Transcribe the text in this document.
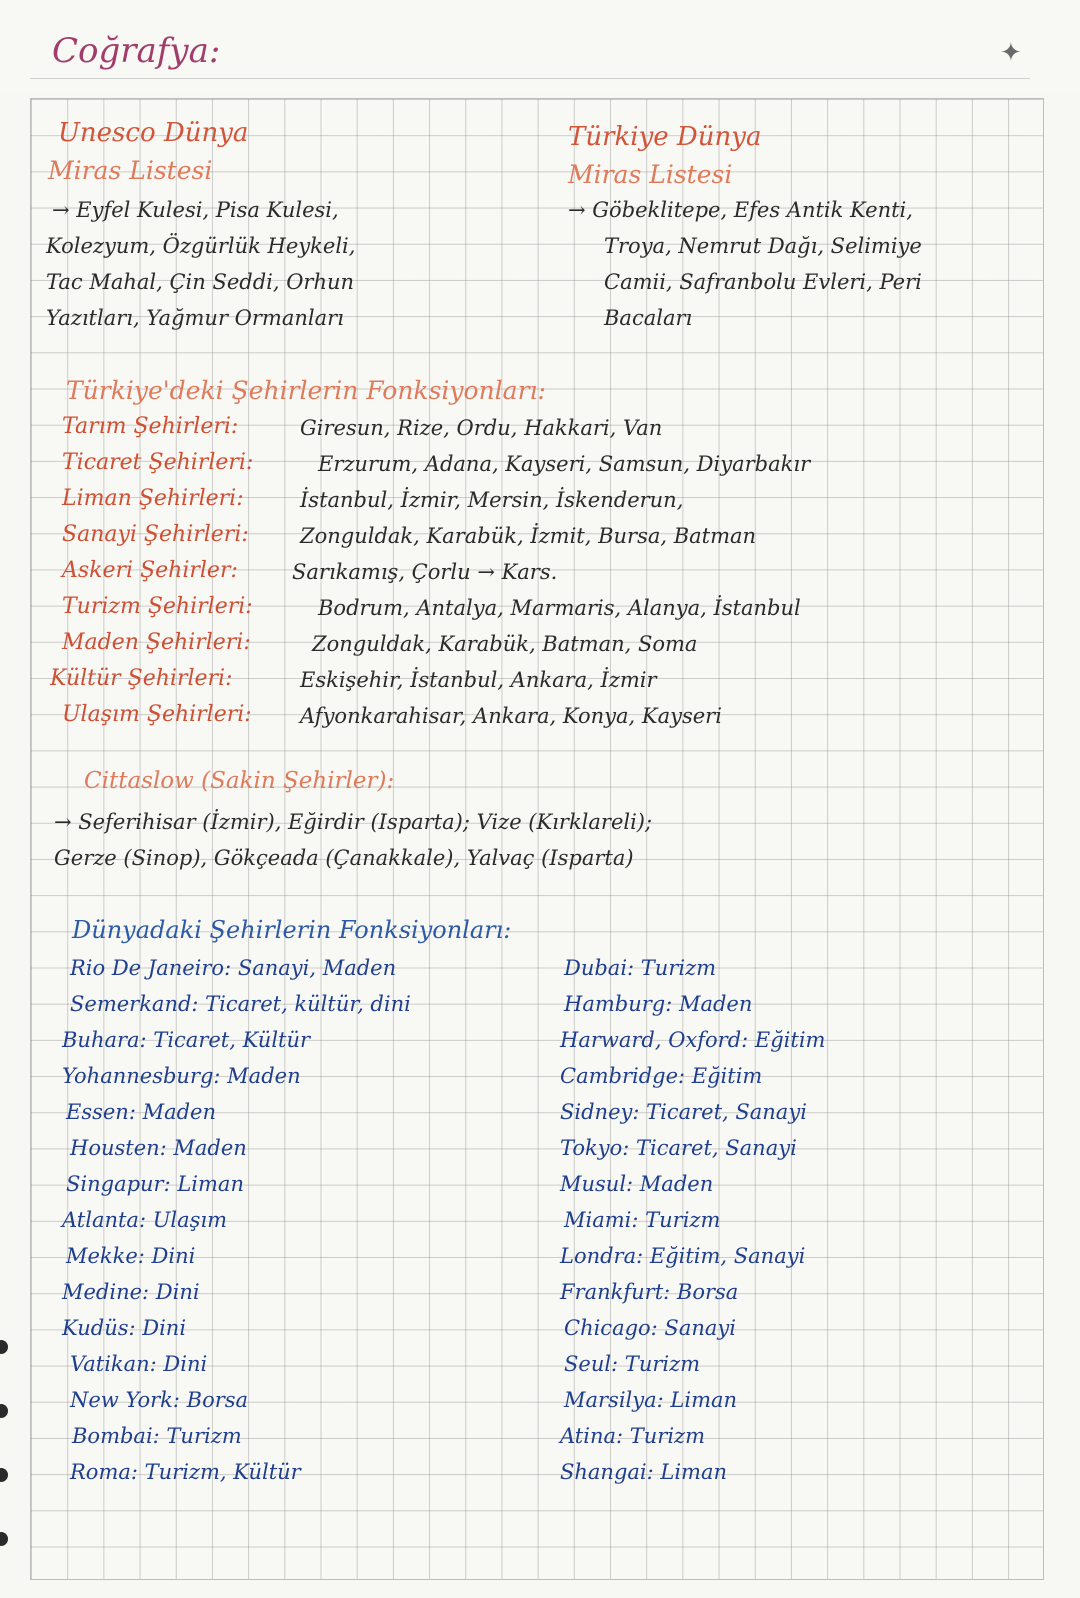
✦
Coğrafya:
Unesco Dünya
Miras Listesi
→ Eyfel Kulesi, Pisa Kulesi,
Kolezyum, Özgürlük Heykeli,
Tac Mahal, Çin Seddi, Orhun
Yazıtları, Yağmur Ormanları
Türkiye Dünya
Miras Listesi
→ Göbeklitepe, Efes Antik Kenti,
Troya, Nemrut Dağı, Selimiye
Camii, Safranbolu Evleri, Peri
Bacaları
Türkiye'deki Şehirlerin Fonksiyonları:
Tarım Şehirleri:	Giresun, Rize, Ordu, Hakkari, Van
Ticaret Şehirleri:	Erzurum, Adana, Kayseri, Samsun, Diyarbakır
Liman Şehirleri:	İstanbul, İzmir, Mersin, İskenderun,
Sanayi Şehirleri: Zonguldak, Karabük, İzmit, Bursa, Batman
Askeri Şehirler:	Sarıkamış, Çorlu → Kars.
Turizm Şehirleri:	Bodrum, Antalya, Marmaris, Alanya, İstanbul
Maden Şehirleri:	Zonguldak, Karabük, Batman, Soma
Kültür Şehirleri:	Eskişehir, İstanbul, Ankara, İzmir
Ulaşım Şehirleri: Afyonkarahisar, Ankara, Konya, Kayseri
Cittaslow (Sakin Şehirler):
→ Seferihisar (İzmir), Eğirdir (Isparta); Vize (Kırklareli);
Gerze (Sinop), Gökçeada (Çanakkale), Yalvaç (Isparta)
Dünyadaki Şehirlerin Fonksiyonları:
Rio De Janeiro: Sanayi, Maden
Semerkand: Ticaret, kültür, dini
Buhara: Ticaret, Kültür
Yohannesburg: Maden
Essen: Maden
Housten: Maden
Singapur: Liman
Atlanta: Ulaşım
Mekke: Dini
Medine: Dini
Kudüs: Dini
Vatikan: Dini
New York: Borsa
Bombai: Turizm
Roma: Turizm, Kültür
Dubai: Turizm
Hamburg: Maden
Harward, Oxford: Eğitim
Cambridge: Eğitim
Sidney: Ticaret, Sanayi
Tokyo: Ticaret, Sanayi
Musul: Maden
Miami: Turizm
Londra: Eğitim, Sanayi
Frankfurt: Borsa
Chicago: Sanayi
Seul: Turizm
Marsilya: Liman
Atina: Turizm
Shangai: Liman
